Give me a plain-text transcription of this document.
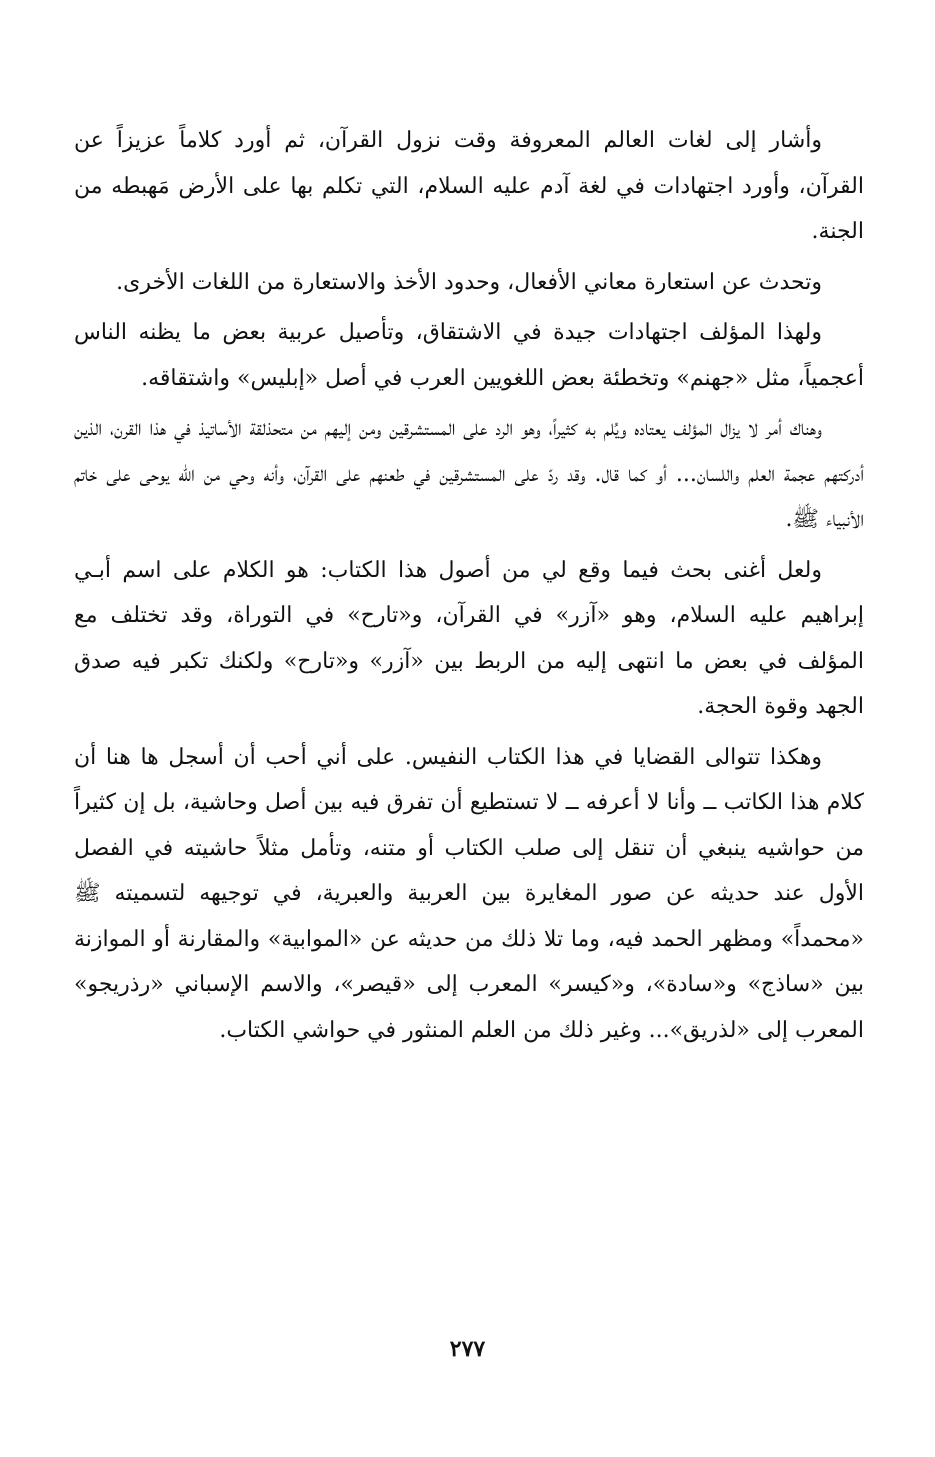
وأشار إلى لغات العالم المعروفة وقت نزول القرآن، ثم أورد كلاماً عزيزاً عن القرآن، وأورد اجتهادات في لغة آدم عليه السلام، التي تكلم بها على الأرض مَهبطه من الجنة.

وتحدث عن استعارة معاني الأفعال، وحدود الأخذ والاستعارة من اللغات الأخرى.

ولهذا المؤلف اجتهادات جيدة في الاشتقاق، وتأصيل عربية بعض ما يظنه الناس أعجمياً، مثل «جهنم» وتخطئة بعض اللغويين العرب في أصل «إبليس» واشتقاقه.

وهناك أمر لا يزال المؤلف يعتاده ويُلم به كثيراً، وهو الرد على المستشرقين ومن إليهم من متحذلقة الأساتيذ في هذا القرن، الذين أدركتهم عجمة العلم واللسان... أو كما قال. وقد ردّ على المستشرقين في طعنهم على القرآن، وأنه وحي من الله يوحى على خاتم الأنبياء ﷺ.

ولعل أغنى بحث فيما وقع لي من أصول هذا الكتاب: هو الكلام على اسم أبـي إبراهيم عليه السلام، وهو «آزر» في القرآن، و«تارح» في التوراة، وقد تختلف مع المؤلف في بعض ما انتهى إليه من الربط بين «آزر» و«تارح» ولكنك تكبر فيه صدق الجهد وقوة الحجة.

وهكذا تتوالى القضايا في هذا الكتاب النفيس. على أني أحب أن أسجل ها هنا أن كلام هذا الكاتب ــ وأنا لا أعرفه ــ لا تستطيع أن تفرق فيه بين أصل وحاشية، بل إن كثيراً من حواشيه ينبغي أن تنقل إلى صلب الكتاب أو متنه، وتأمل مثلاً حاشيته في الفصل الأول عند حديثه عن صور المغايرة بين العربية والعبرية، في توجيهه لتسميته ﷺ «محمداً» ومظهر الحمد فيه، وما تلا ذلك من حديثه عن «الموابية» والمقارنة أو الموازنة بين «ساذج» و«سادة»، و«كيسر» المعرب إلى «قيصر»، والاسم الإسباني «رذريجو» المعرب إلى «لذريق»... وغير ذلك من العلم المنثور في حواشي الكتاب.

٢٧٧
